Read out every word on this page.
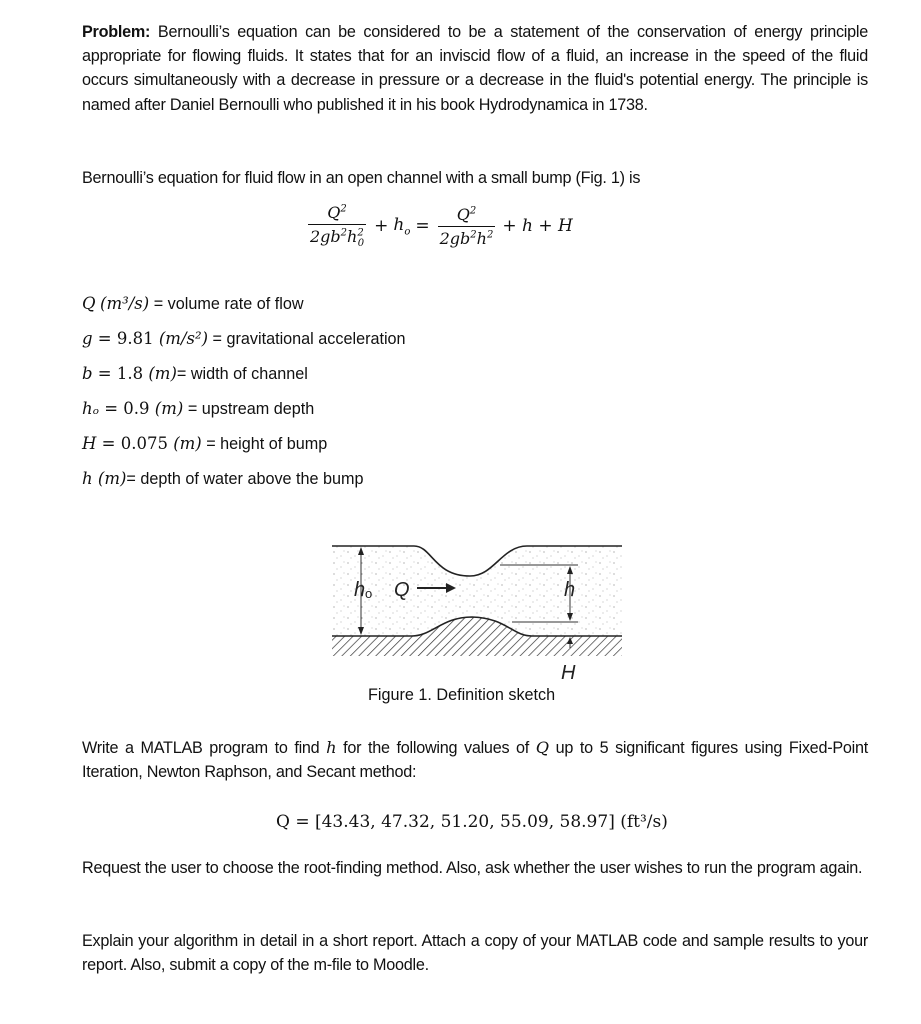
Problem: Bernoulli’s equation can be considered to be a statement of the conservation of energy principle appropriate for flowing fluids. It states that for an inviscid flow of a fluid, an increase in the speed of the fluid occurs simultaneously with a decrease in pressure or a decrease in the fluid's potential energy. The principle is named after Daniel Bernoulli who published it in his book Hydrodynamica in 1738.
Bernoulli’s equation for fluid flow in an open channel with a small bump (Fig. 1) is
$\frac{Q^2}{2gb^2h^2_0} + h_o = \frac{Q^2}{2gb^2h^2} + h + H$
Q (m³/s) = volume rate of flow
g = 9.81 (m/s²) = gravitational acceleration
b = 1.8 (m)= width of channel
hₒ = 0.9 (m) = upstream depth
H = 0.075 (m) = height of bump
h (m)= depth of water above the bump
h o Q	h
H
Figure 1. Definition sketch
Write a MATLAB program to find h for the following values of Q up to 5 significant figures using Fixed-Point Iteration, Newton Raphson, and Secant method:
Q = [43.43, 47.32, 51.20, 55.09, 58.97] (ft³/s)
Request the user to choose the root-finding method. Also, ask whether the user wishes to run the program again.
Explain your algorithm in detail in a short report. Attach a copy of your MATLAB code and sample results to your report. Also, submit a copy of the m-file to Moodle.
